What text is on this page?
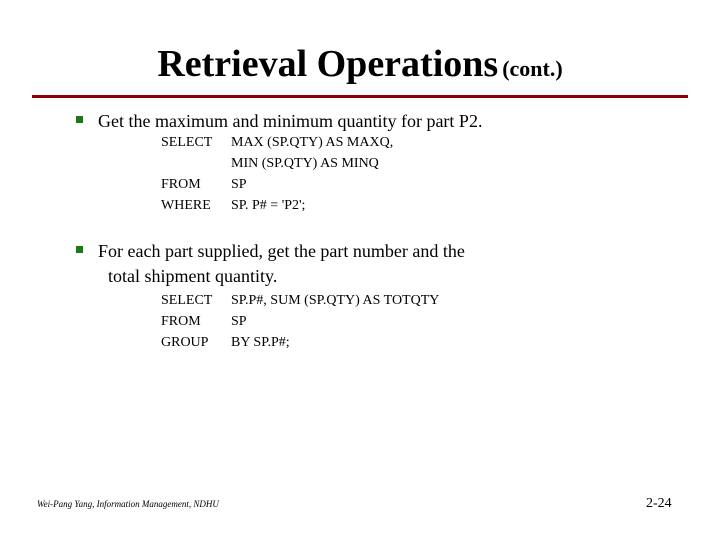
Retrieval Operations (cont.)
Get the maximum and minimum quantity for part P2.
SELECT MAX (SP.QTY) AS MAXQ,
MIN (SP.QTY) AS MINQ
FROM SP
WHERE SP. P# = 'P2';
For each part supplied, get the part number and the
total shipment quantity.
SELECT SP.P#, SUM (SP.QTY) AS TOTQTY
FROM SP
GROUP BY SP.P#;
Wei-Pang Yang, Information Management, NDHU	2-24
